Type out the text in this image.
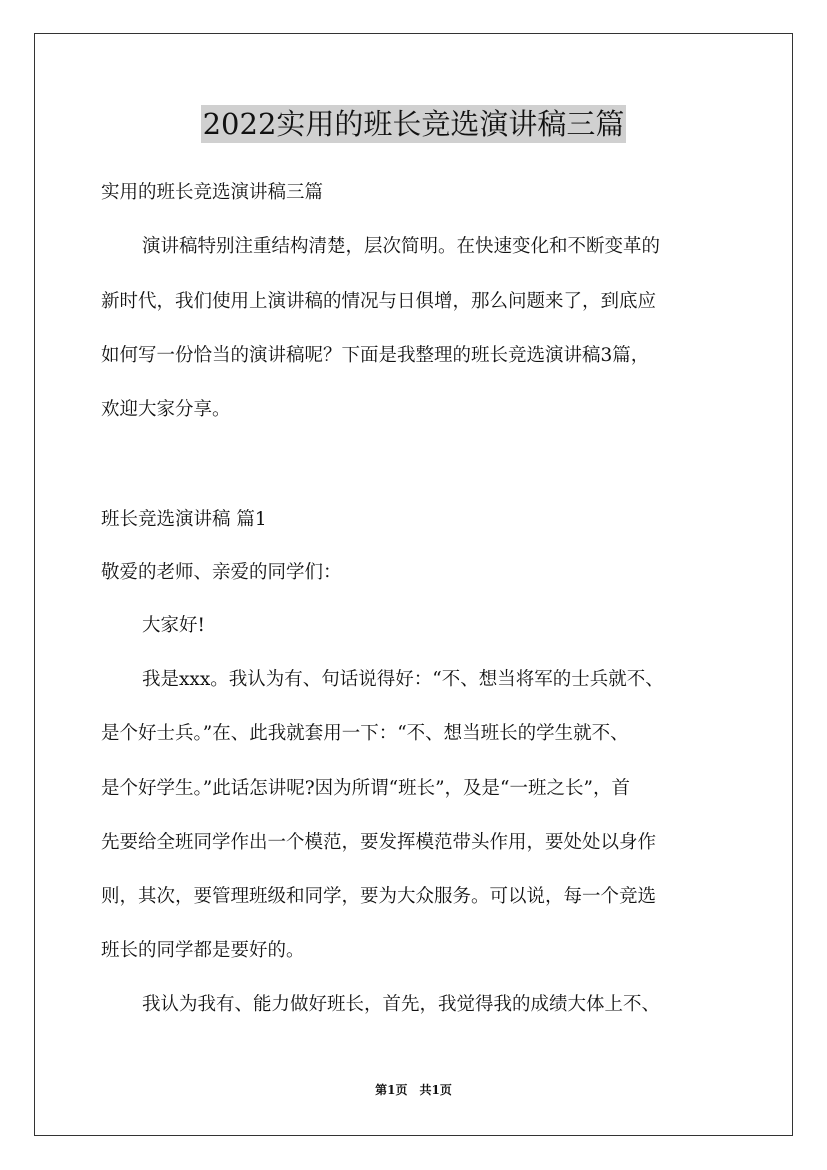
2022实用的班长竞选演讲稿三篇

实用的班长竞选演讲稿三篇

演讲稿特别注重结构清楚，层次简明。在快速变化和不断变革的

新时代，我们使用上演讲稿的情况与日俱增，那么问题来了，到底应

如何写一份恰当的演讲稿呢？下面是我整理的班长竞选演讲稿3篇，

欢迎大家分享。

班长竞选演讲稿 篇1

敬爱的老师、亲爱的同学们：

大家好!

我是xxx。我认为有、句话说得好：“不、想当将军的士兵就不、

是个好士兵。”在、此我就套用一下：“不、想当班长的学生就不、

是个好学生。”此话怎讲呢?因为所谓“班长”，及是“一班之长”，首

先要给全班同学作出一个模范，要发挥模范带头作用，要处处以身作

则，其次，要管理班级和同学，要为大众服务。可以说，每一个竞选

班长的同学都是要好的。

我认为我有、能力做好班长，首先，我觉得我的成绩大体上不、

第1页　共1页
